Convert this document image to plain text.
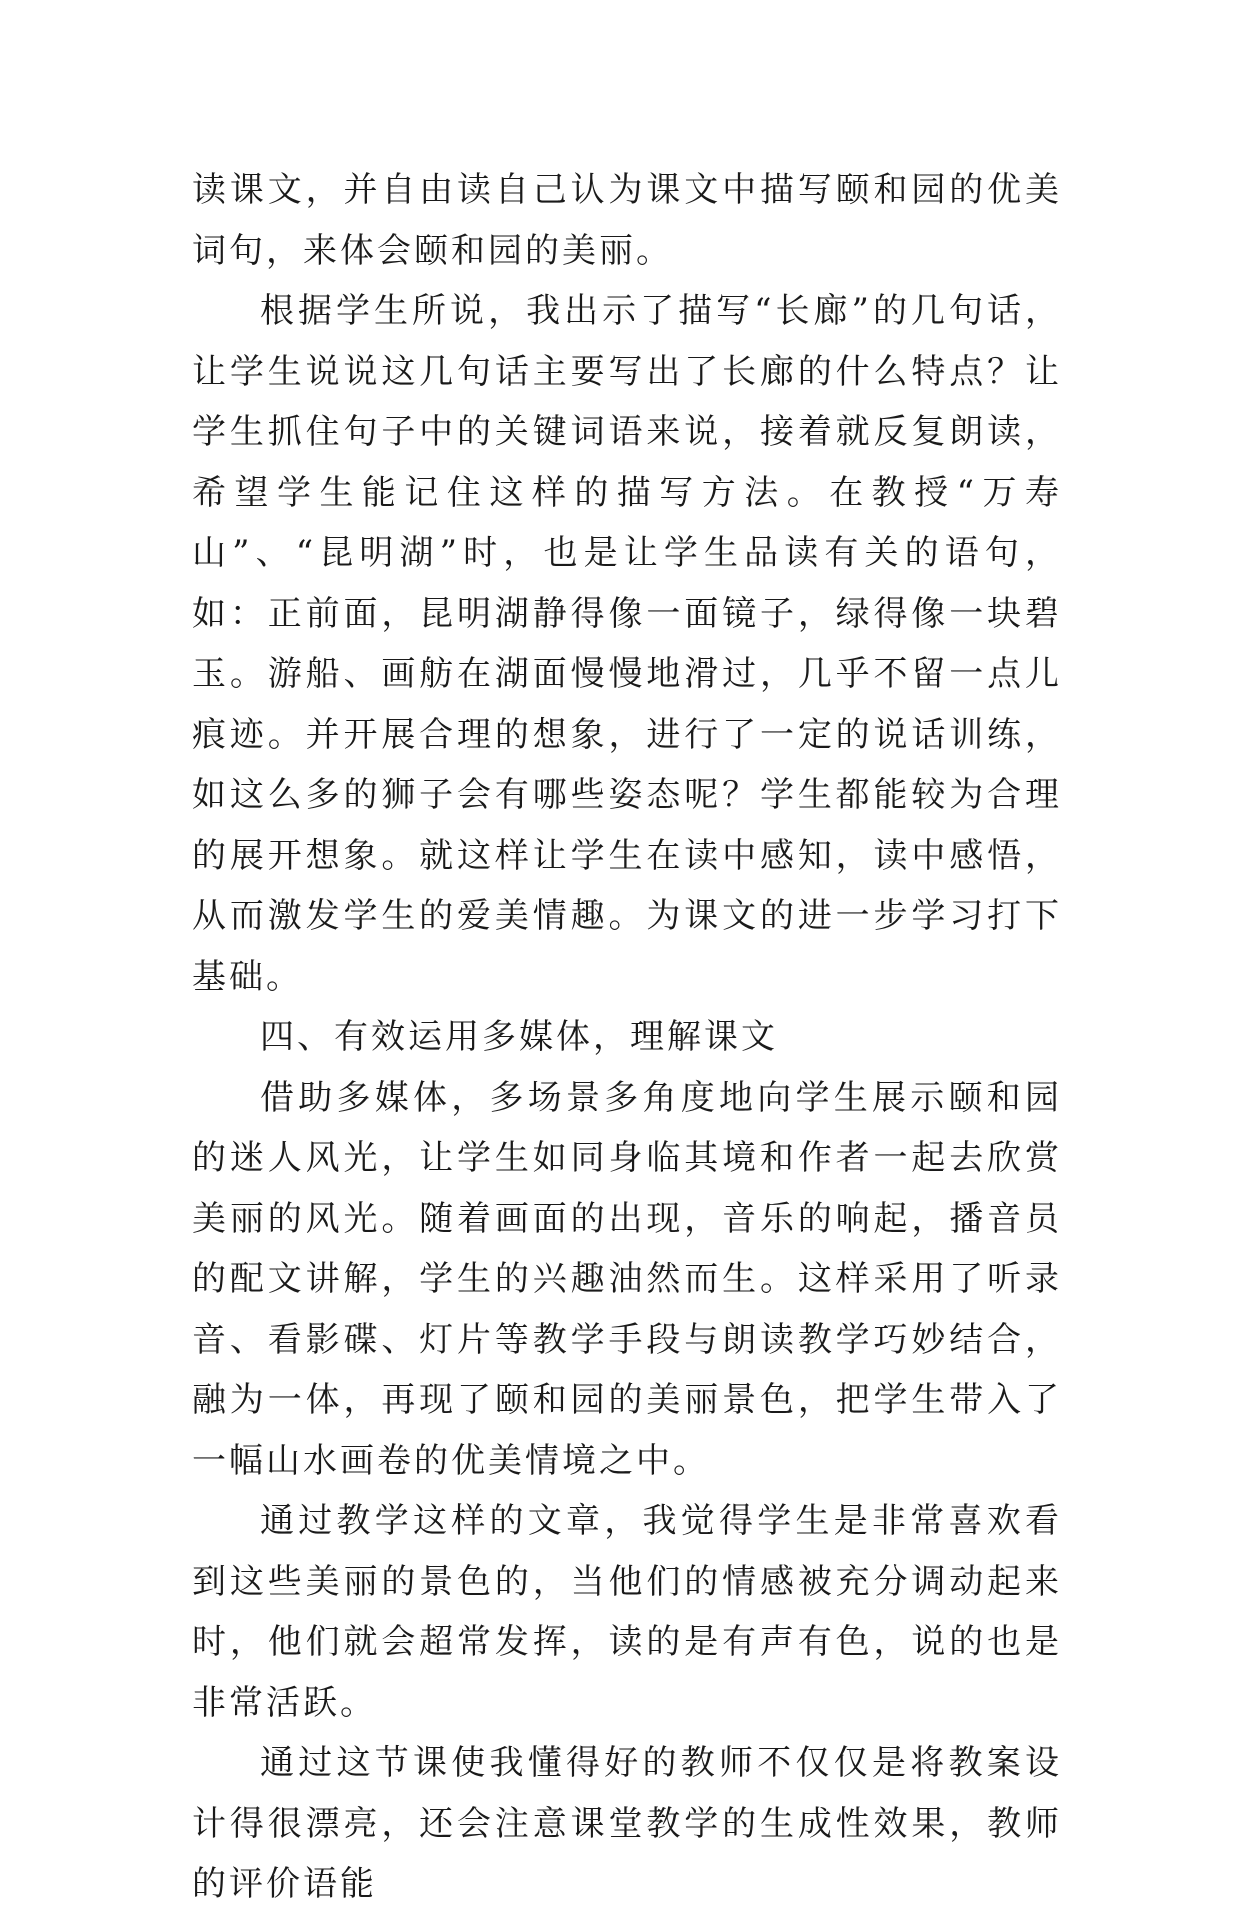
读课文，并自由读自己认为课文中描写颐和园的优美词句，来体会颐和园的美丽。

根据学生所说，我出示了描写“长廊”的几句话，让学生说说这几句话主要写出了长廊的什么特点？让学生抓住句子中的关键词语来说，接着就反复朗读，希望学生能记住这样的描写方法。在教授“万寿山”、“昆明湖”时，也是让学生品读有关的语句，如：正前面，昆明湖静得像一面镜子，绿得像一块碧玉。游船、画舫在湖面慢慢地滑过，几乎不留一点儿痕迹。并开展合理的想象，进行了一定的说话训练，如这么多的狮子会有哪些姿态呢？学生都能较为合理的展开想象。就这样让学生在读中感知，读中感悟，从而激发学生的爱美情趣。为课文的进一步学习打下基础。

四、有效运用多媒体，理解课文

借助多媒体，多场景多角度地向学生展示颐和园的迷人风光，让学生如同身临其境和作者一起去欣赏美丽的风光。随着画面的出现，音乐的响起，播音员的配文讲解，学生的兴趣油然而生。这样采用了听录音、看影碟、灯片等教学手段与朗读教学巧妙结合，融为一体，再现了颐和园的美丽景色，把学生带入了一幅山水画卷的优美情境之中。

通过教学这样的文章，我觉得学生是非常喜欢看到这些美丽的景色的，当他们的情感被充分调动起来时，他们就会超常发挥，读的是有声有色，说的也是非常活跃。

通过这节课使我懂得好的教师不仅仅是将教案设计得很漂亮，还会注意课堂教学的生成性效果，教师的评价语能
